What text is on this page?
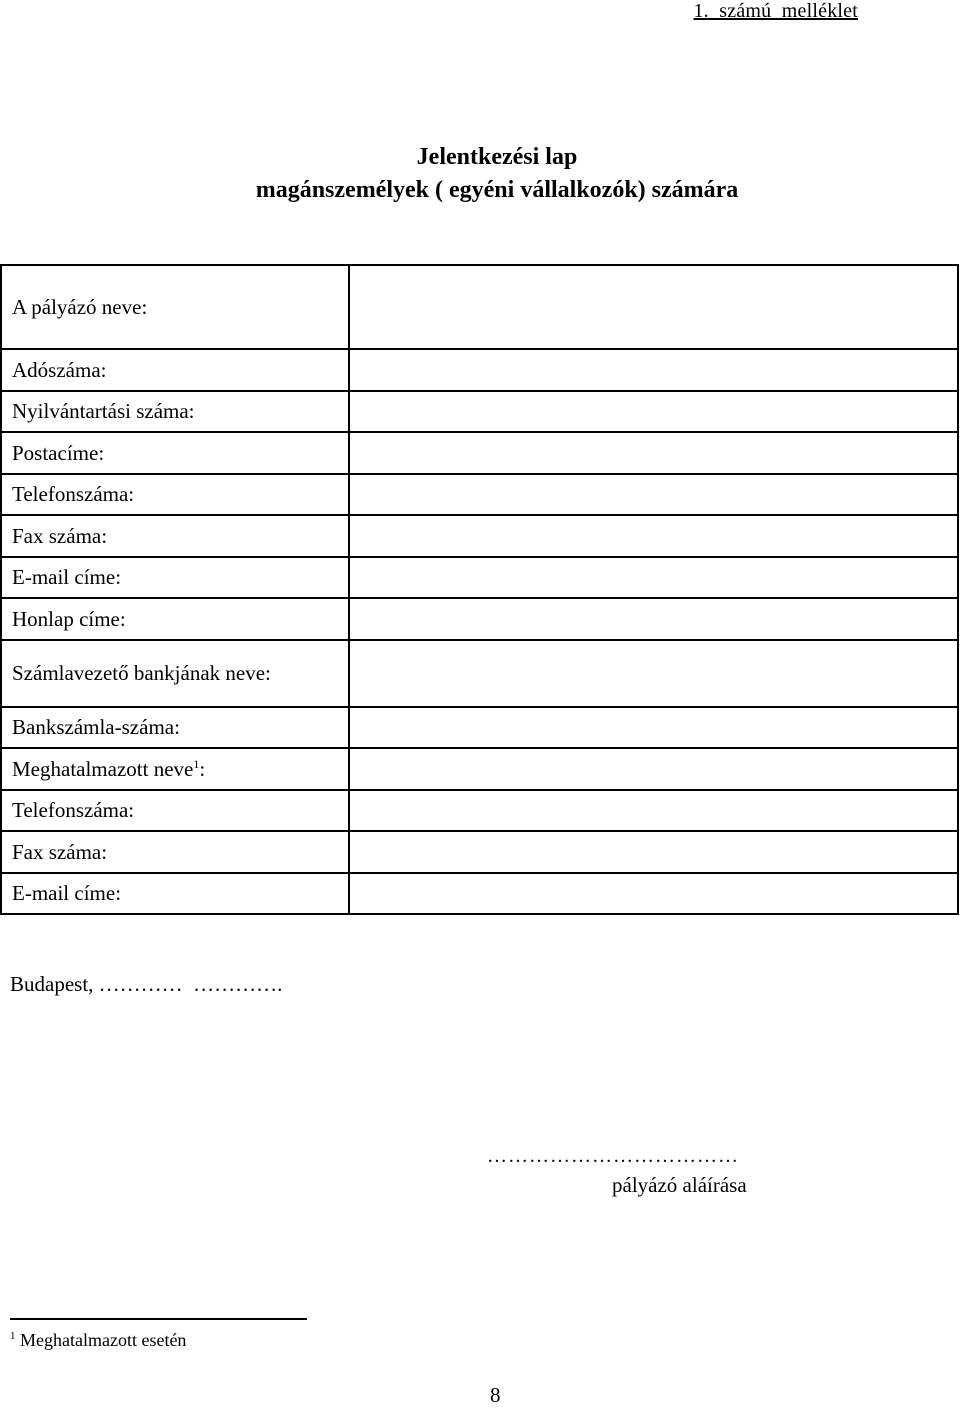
1.  számú  melléklet
Jelentkezési lap
magánszemélyek ( egyéni vállalkozók) számára
A pályázó neve:	
Adószáma:	
Nyilvántartási száma:	
Postacíme:	
Telefonszáma:	
Fax száma:	
E-mail címe:	
Honlap címe:	
Számlavezető bankjának neve:	
Bankszámla-száma:	
Meghatalmazott neve$^1$:	
Telefonszáma:	
Fax száma:	
E-mail címe:	
Budapest, …………  ………….
………………………………
pályázó aláírása
$^1$ Meghatalmazott esetén
8
